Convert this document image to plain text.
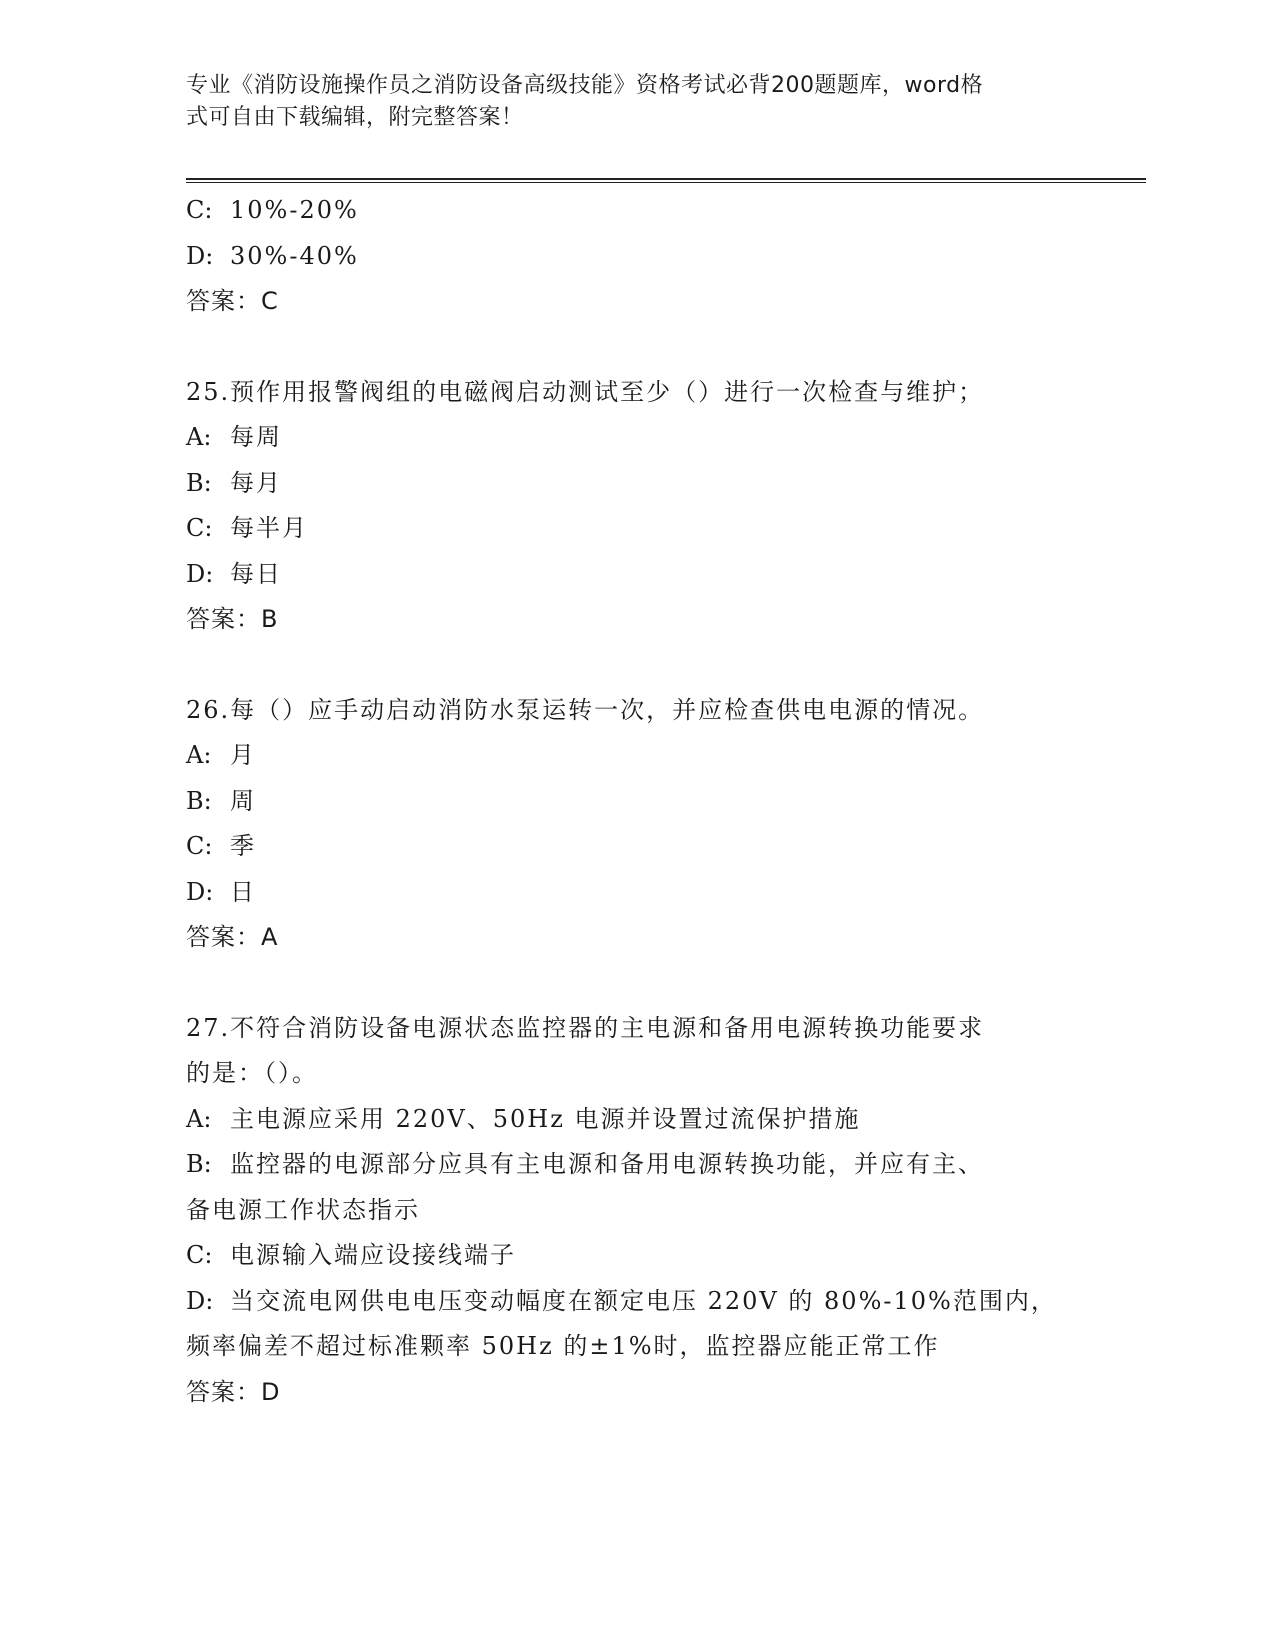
专业《消防设施操作员之消防设备高级技能》资格考试必背200题题库，word格
式可自由下载编辑，附完整答案！
C: 10%-20%
D: 30%-40%
答案：C
25.预作用报警阀组的电磁阀启动测试至少（）进行一次检查与维护；
A: 每周
B: 每月
C: 每半月
D: 每日
答案：B
26.每（）应手动启动消防水泵运转一次，并应检查供电电源的情况。
A: 月
B: 周
C: 季
D: 日
答案：A
27.不符合消防设备电源状态监控器的主电源和备用电源转换功能要求
的是：（）。
A: 主电源应采用 220V、50Hz 电源并设置过流保护措施
B: 监控器的电源部分应具有主电源和备用电源转换功能，并应有主、
备电源工作状态指示
C: 电源输入端应设接线端子
D: 当交流电网供电电压变动幅度在额定电压 220V 的 80%-10%范围内，
频率偏差不超过标准颗率 50Hz 的±1%时，监控器应能正常工作
答案：D
